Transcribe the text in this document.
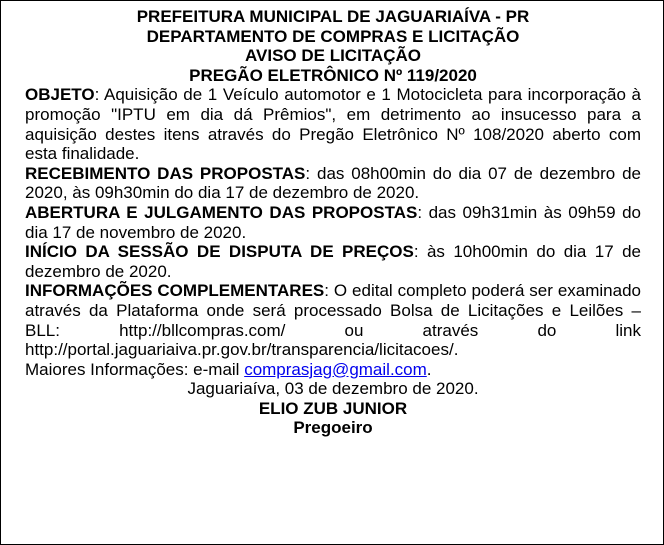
PREFEITURA MUNICIPAL DE JAGUARIAÍVA - PR
DEPARTAMENTO DE COMPRAS E LICITAÇÃO
AVISO DE LICITAÇÃO
PREGÃO ELETRÔNICO Nº 119/2020

OBJETO: Aquisição de 1 Veículo automotor e 1 Motocicleta para incorporação à promoção "IPTU em dia dá Prêmios", em detrimento ao insucesso para a aquisição destes itens através do Pregão Eletrônico Nº 108/2020 aberto com esta finalidade.

RECEBIMENTO DAS PROPOSTAS: das 08h00min do dia 07 de dezembro de 2020, às 09h30min do dia 17 de dezembro de 2020.

ABERTURA E JULGAMENTO DAS PROPOSTAS: das 09h31min às 09h59 do dia 17 de novembro de 2020.

INÍCIO DA SESSÃO DE DISPUTA DE PREÇOS: às 10h00min do dia 17 de dezembro de 2020.

INFORMAÇÕES COMPLEMENTARES: O edital completo poderá ser examinado através da Plataforma onde será processado Bolsa de Licitações e Leilões – BLL: http://bllcompras.com/ ou através do link http://portal.jaguariaiva.pr.gov.br/transparencia/licitacoes/.

Maiores Informações: e-mail comprasjag@gmail.com.

Jaguariaíva, 03 de dezembro de 2020.
ELIO ZUB JUNIOR
Pregoeiro
